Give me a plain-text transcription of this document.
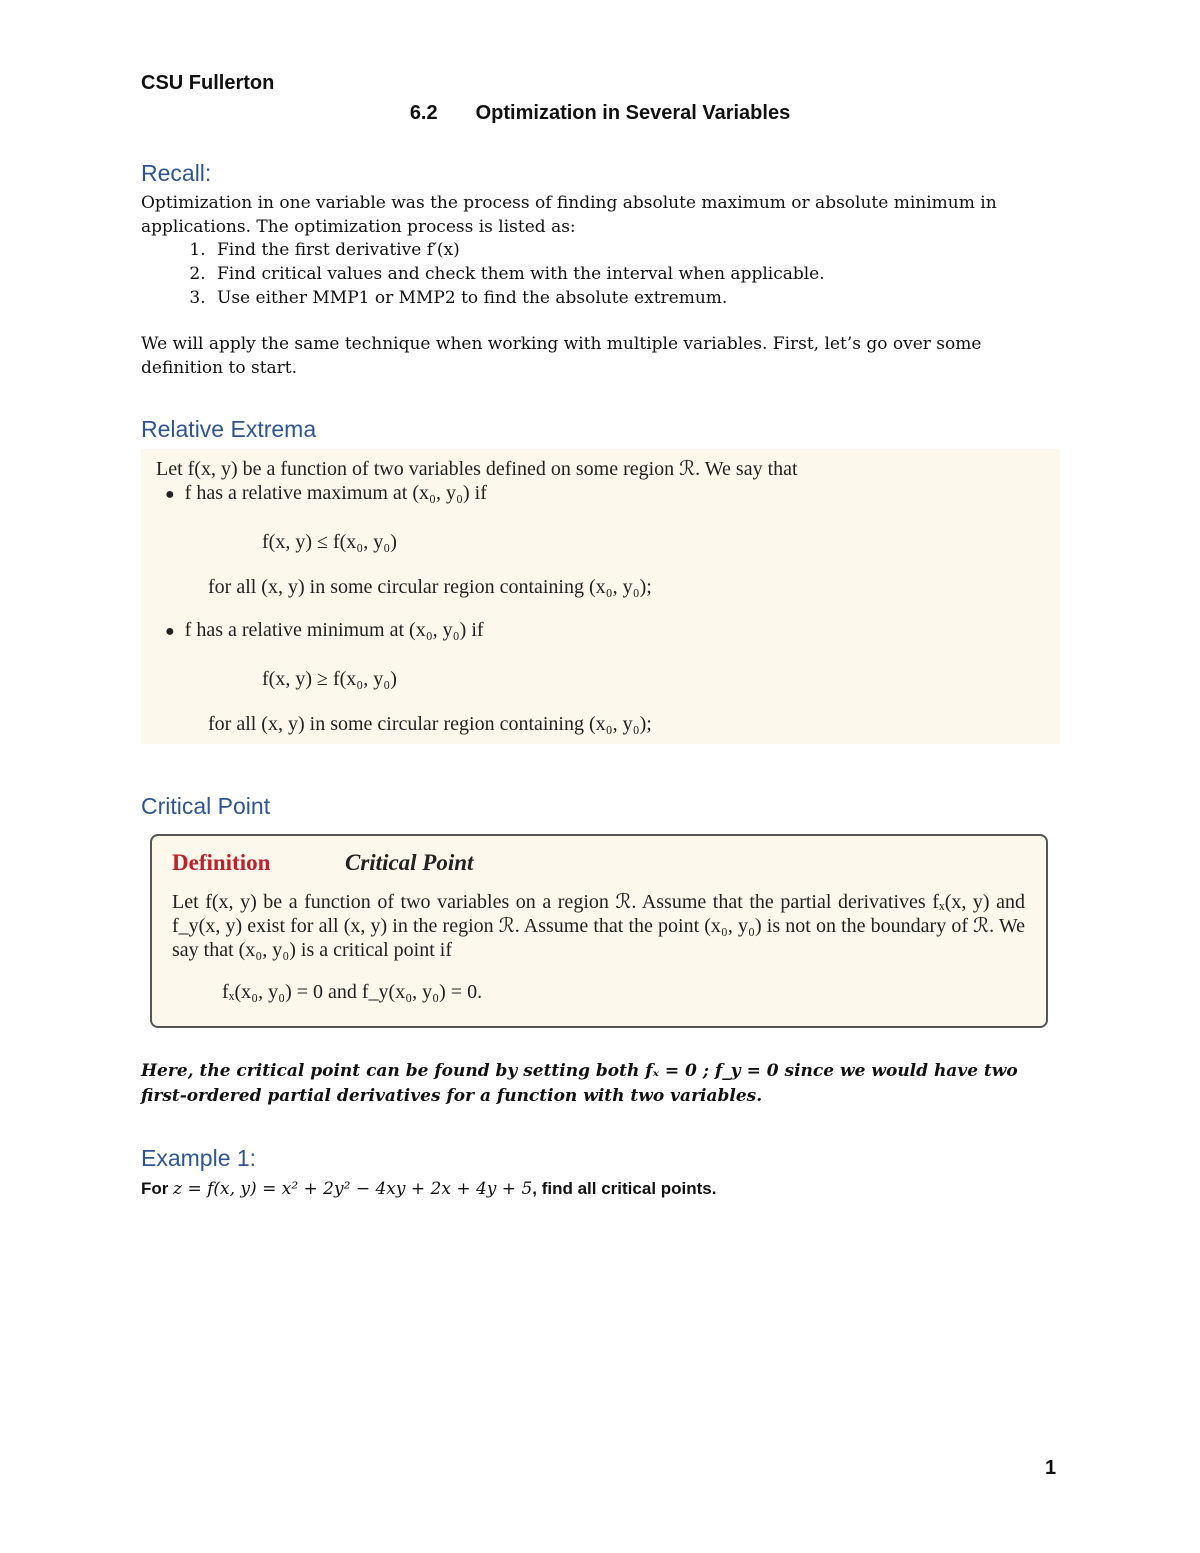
CSU Fullerton
6.2 Optimization in Several Variables
Recall:
Optimization in one variable was the process of finding absolute maximum or absolute minimum in applications. The optimization process is listed as:
1. Find the first derivative f′(x)
2. Find critical values and check them with the interval when applicable.
3. Use either MMP1 or MMP2 to find the absolute extremum.
We will apply the same technique when working with multiple variables. First, let’s go over some definition to start.
Relative Extrema
Let f(x, y) be a function of two variables defined on some region ℛ. We say that
● f has a relative maximum at (x₀, y₀) if
f(x, y) ≤ f(x₀, y₀)
for all (x, y) in some circular region containing (x₀, y₀);
● f has a relative minimum at (x₀, y₀) if
f(x, y) ≥ f(x₀, y₀)
for all (x, y) in some circular region containing (x₀, y₀);
Critical Point
Definition	Critical Point
Let f(x, y) be a function of two variables on a region ℛ. Assume that the partial derivatives fₓ(x, y) and f_y(x, y) exist for all (x, y) in the region ℛ. Assume that the point (x₀, y₀) is not on the boundary of ℛ. We say that (x₀, y₀) is a critical point if
fₓ(x₀, y₀) = 0 and f_y(x₀, y₀) = 0.
Here, the critical point can be found by setting both fₓ = 0 ; f_y = 0 since we would have two first-ordered partial derivatives for a function with two variables.
Example 1:
For z = f(x, y) = x² + 2y² − 4xy + 2x + 4y + 5, find all critical points.
1
